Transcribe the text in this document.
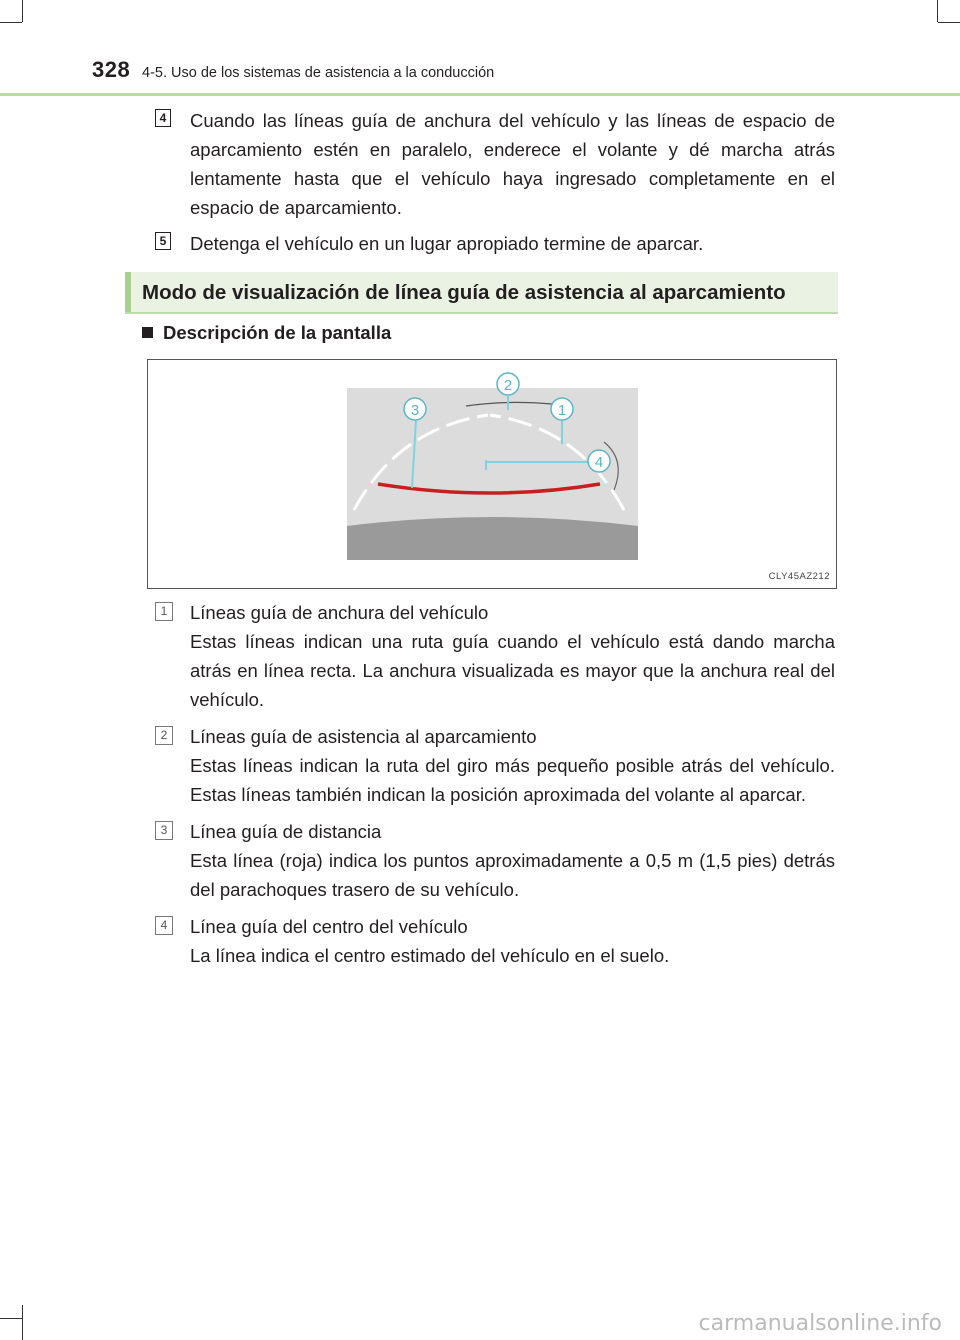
328 4-5. Uso de los sistemas de asistencia a la conducción
4 Cuando las líneas guía de anchura del vehículo y las líneas de espacio de aparcamiento estén en paralelo, enderece el volante y dé marcha atrás lentamente hasta que el vehículo haya ingresado completamente en el espacio de aparcamiento.
5 Detenga el vehículo en un lugar apropiado termine de aparcar.
Modo de visualización de línea guía de asistencia al aparcamiento
Descripción de la pantalla
3
2
1
4
CLY45AZ212
1	Líneas guía de anchura del vehículo
Estas líneas indican una ruta guía cuando el vehículo está dando marcha atrás en línea recta. La anchura visualizada es mayor que la anchura real del vehículo.
2	Líneas guía de asistencia al aparcamiento
Estas líneas indican la ruta del giro más pequeño posible atrás del vehículo. Estas líneas también indican la posición aproximada del volante al aparcar.
3	Línea guía de distancia
Esta línea (roja) indica los puntos aproximadamente a 0,5 m (1,5 pies) detrás del parachoques trasero de su vehículo.
4	Línea guía del centro del vehículo
La línea indica el centro estimado del vehículo en el suelo.
carmanualsonline.info
